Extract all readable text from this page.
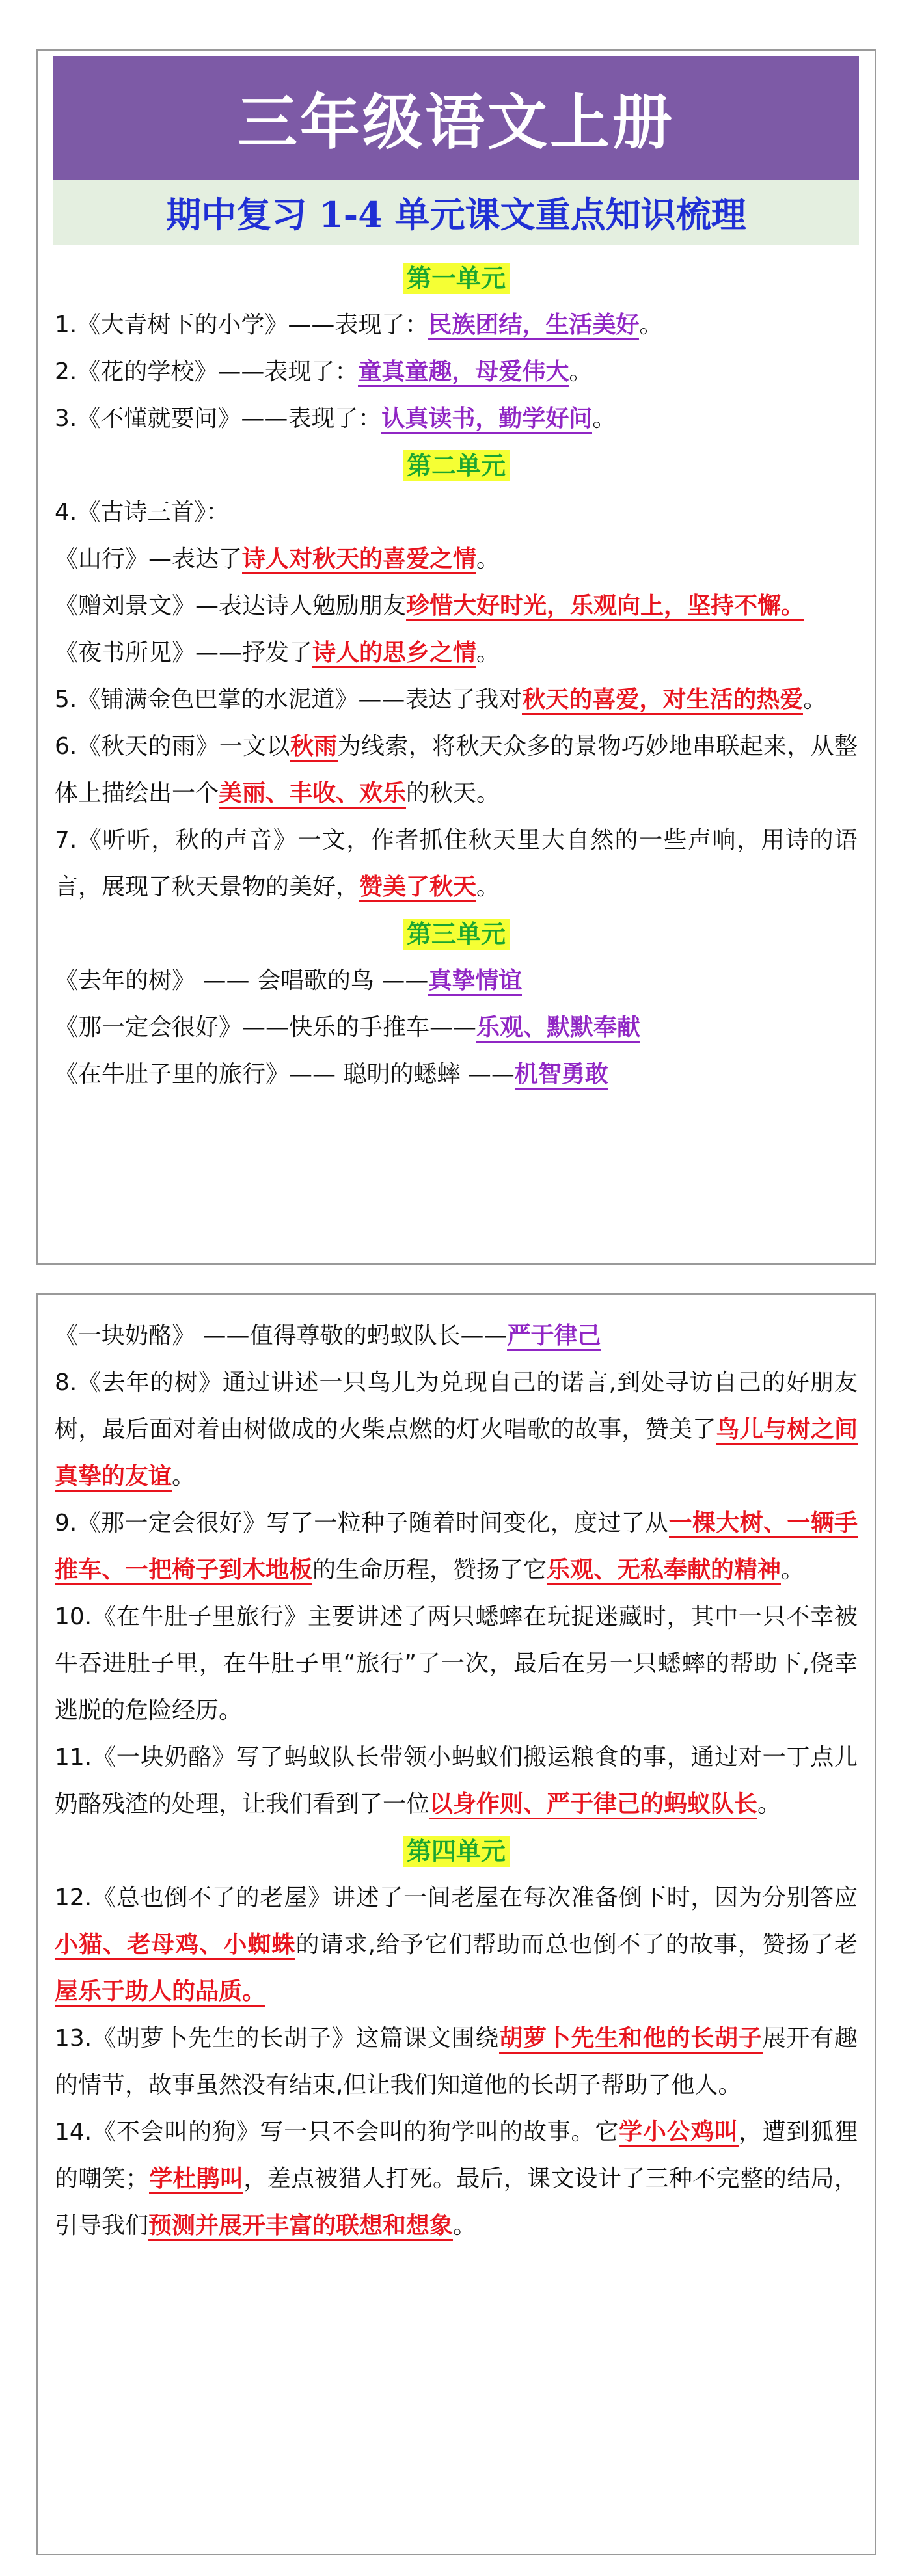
三年级语文上册
期中复习 1-4 单元课文重点知识梳理
第一单元

1.《大青树下的小学》——表现了：民族团结，生活美好。

2.《花的学校》——表现了：童真童趣，母爱伟大。

3.《不懂就要问》——表现了：认真读书，勤学好问。

第二单元

4.《古诗三首》：

《山行》—表达了诗人对秋天的喜爱之情。

《赠刘景文》—表达诗人勉励朋友珍惜大好时光，乐观向上，坚持不懈。

《夜书所见》——抒发了诗人的思乡之情。

5.《铺满金色巴掌的水泥道》——表达了我对秋天的喜爱，对生活的热爱。

6.《秋天的雨》一文以秋雨为线索，将秋天众多的景物巧妙地串联起来，从整体上描绘出一个美丽、丰收、欢乐的秋天。

7.《听听，秋的声音》一文，作者抓住秋天里大自然的一些声响，用诗的语言，展现了秋天景物的美好，赞美了秋天。

第三单元

《去年的树》 —— 会唱歌的鸟 ——真挚情谊

《那一定会很好》——快乐的手推车——乐观、默默奉献

《在牛肚子里的旅行》—— 聪明的蟋蟀 ——机智勇敢

《一块奶酪》 ——值得尊敬的蚂蚁队长——严于律己

8.《去年的树》通过讲述一只鸟儿为兑现自己的诺言,到处寻访自己的好朋友树，最后面对着由树做成的火柴点燃的灯火唱歌的故事，赞美了鸟儿与树之间真挚的友谊。

9.《那一定会很好》写了一粒种子随着时间变化，度过了从一棵大树、一辆手推车、一把椅子到木地板的生命历程，赞扬了它乐观、无私奉献的精神。

10.《在牛肚子里旅行》主要讲述了两只蟋蟀在玩捉迷藏时，其中一只不幸被牛吞进肚子里，在牛肚子里“旅行”了一次，最后在另一只蟋蟀的帮助下,侥幸逃脱的危险经历。

11.《一块奶酪》写了蚂蚁队长带领小蚂蚁们搬运粮食的事，通过对一丁点儿奶酪残渣的处理，让我们看到了一位以身作则、严于律己的蚂蚁队长。

第四单元

12.《总也倒不了的老屋》讲述了一间老屋在每次准备倒下时，因为分别答应小猫、老母鸡、小蜘蛛的请求,给予它们帮助而总也倒不了的故事，赞扬了老屋乐于助人的品质。

13.《胡萝卜先生的长胡子》这篇课文围绕胡萝卜先生和他的长胡子展开有趣的情节，故事虽然没有结束,但让我们知道他的长胡子帮助了他人。

14.《不会叫的狗》写一只不会叫的狗学叫的故事。它学小公鸡叫，遭到狐狸的嘲笑；学杜鹃叫，差点被猎人打死。最后，课文设计了三种不完整的结局，引导我们预测并展开丰富的联想和想象。
